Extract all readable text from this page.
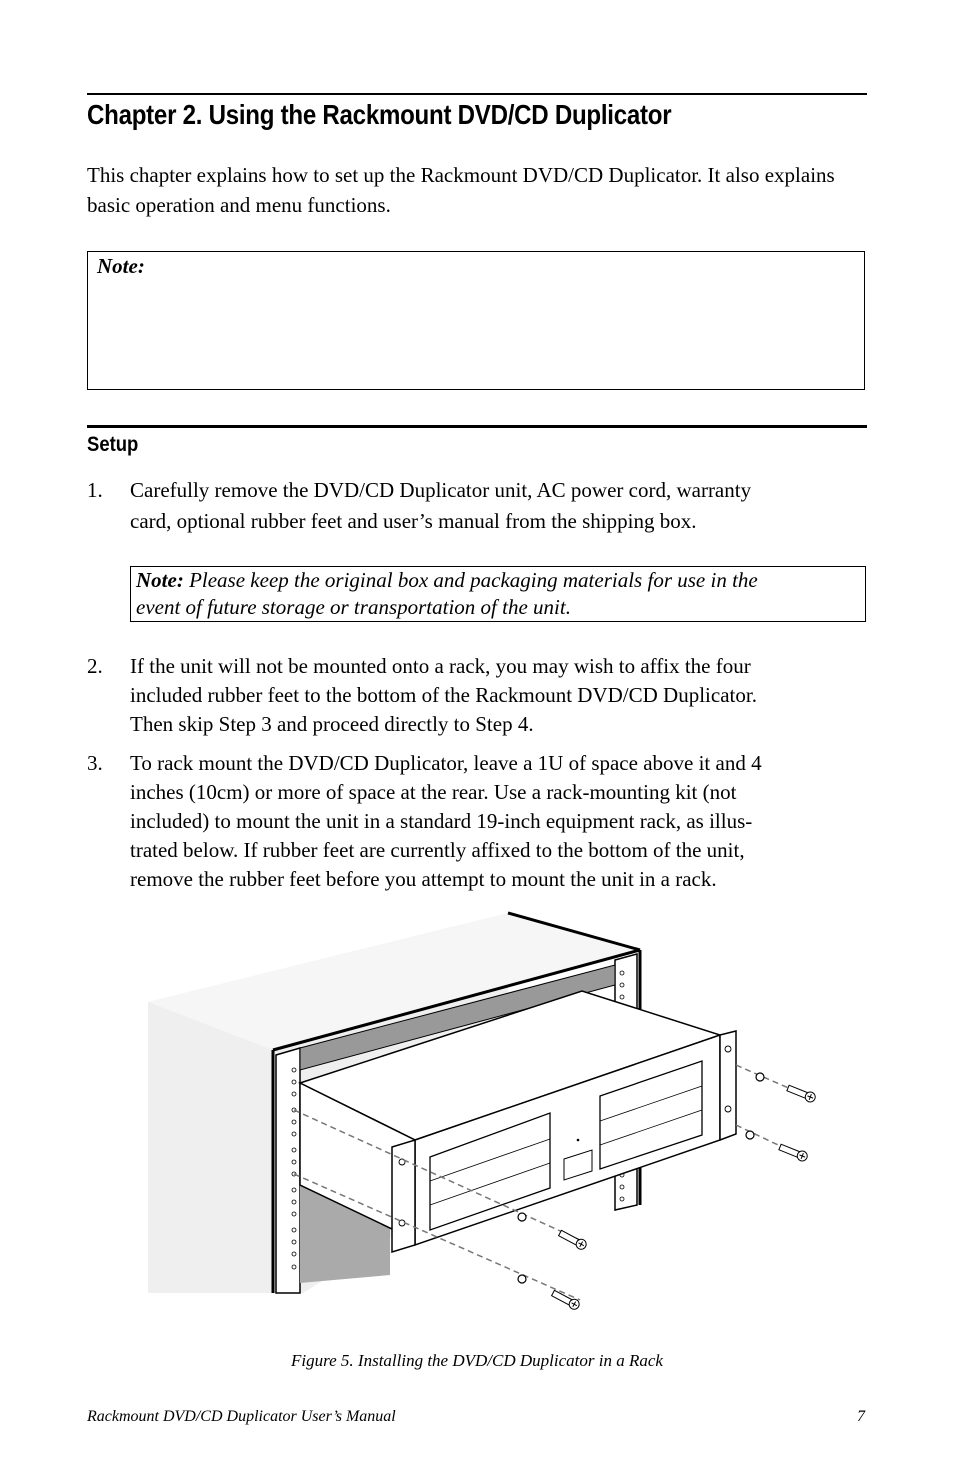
Chapter 2. Using the Rackmount DVD/CD Duplicator
This chapter explains how to set up the Rackmount DVD/CD Duplicator. It also explains basic operation and menu functions.
Note:
Setup
1. Carefully remove the DVD/CD Duplicator unit, AC power cord, warranty
card, optional rubber feet and user’s manual from the shipping box.
Note: Please keep the original box and packaging materials for use in the
event of future storage or transportation of the unit.
2. If the unit will not be mounted onto a rack, you may wish to affix the four
included rubber feet to the bottom of the Rackmount DVD/CD Duplicator.
Then skip Step 3 and proceed directly to Step 4.
3. To rack mount the DVD/CD Duplicator, leave a 1U of space above it and 4
inches (10cm) or more of space at the rear. Use a rack-mounting kit (not
included) to mount the unit in a standard 19-inch equipment rack, as illus-
trated below. If rubber feet are currently affixed to the bottom of the unit,
remove the rubber feet before you attempt to mount the unit in a rack.
Figure 5. Installing the DVD/CD Duplicator in a Rack
Rackmount DVD/CD Duplicator User’s Manual	7
